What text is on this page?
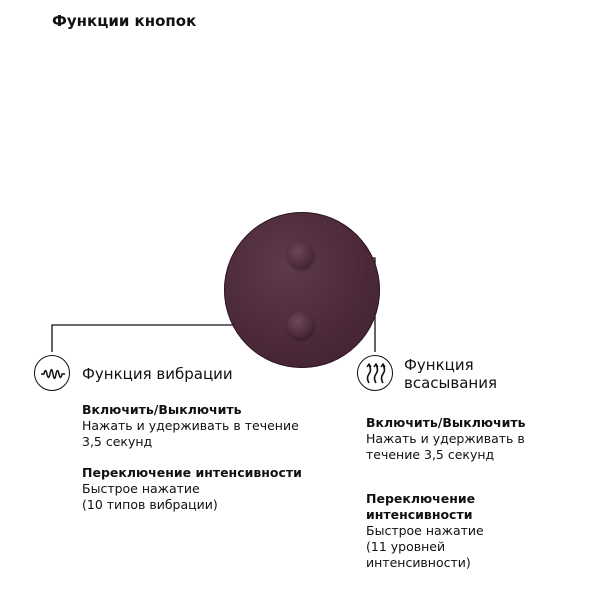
Функции кнопок
Функция вибрации
Включить/Выключить
Нажать и удерживать в течение
3,5 секунд
Переключение интенсивности
Быстрое нажатие
(10 типов вибрации)
Функция
всасывания
Включить/Выключить
Нажать и удерживать в
течение 3,5 секунд
Переключение
интенсивности
Быстрое нажатие
(11 уровней
интенсивности)
